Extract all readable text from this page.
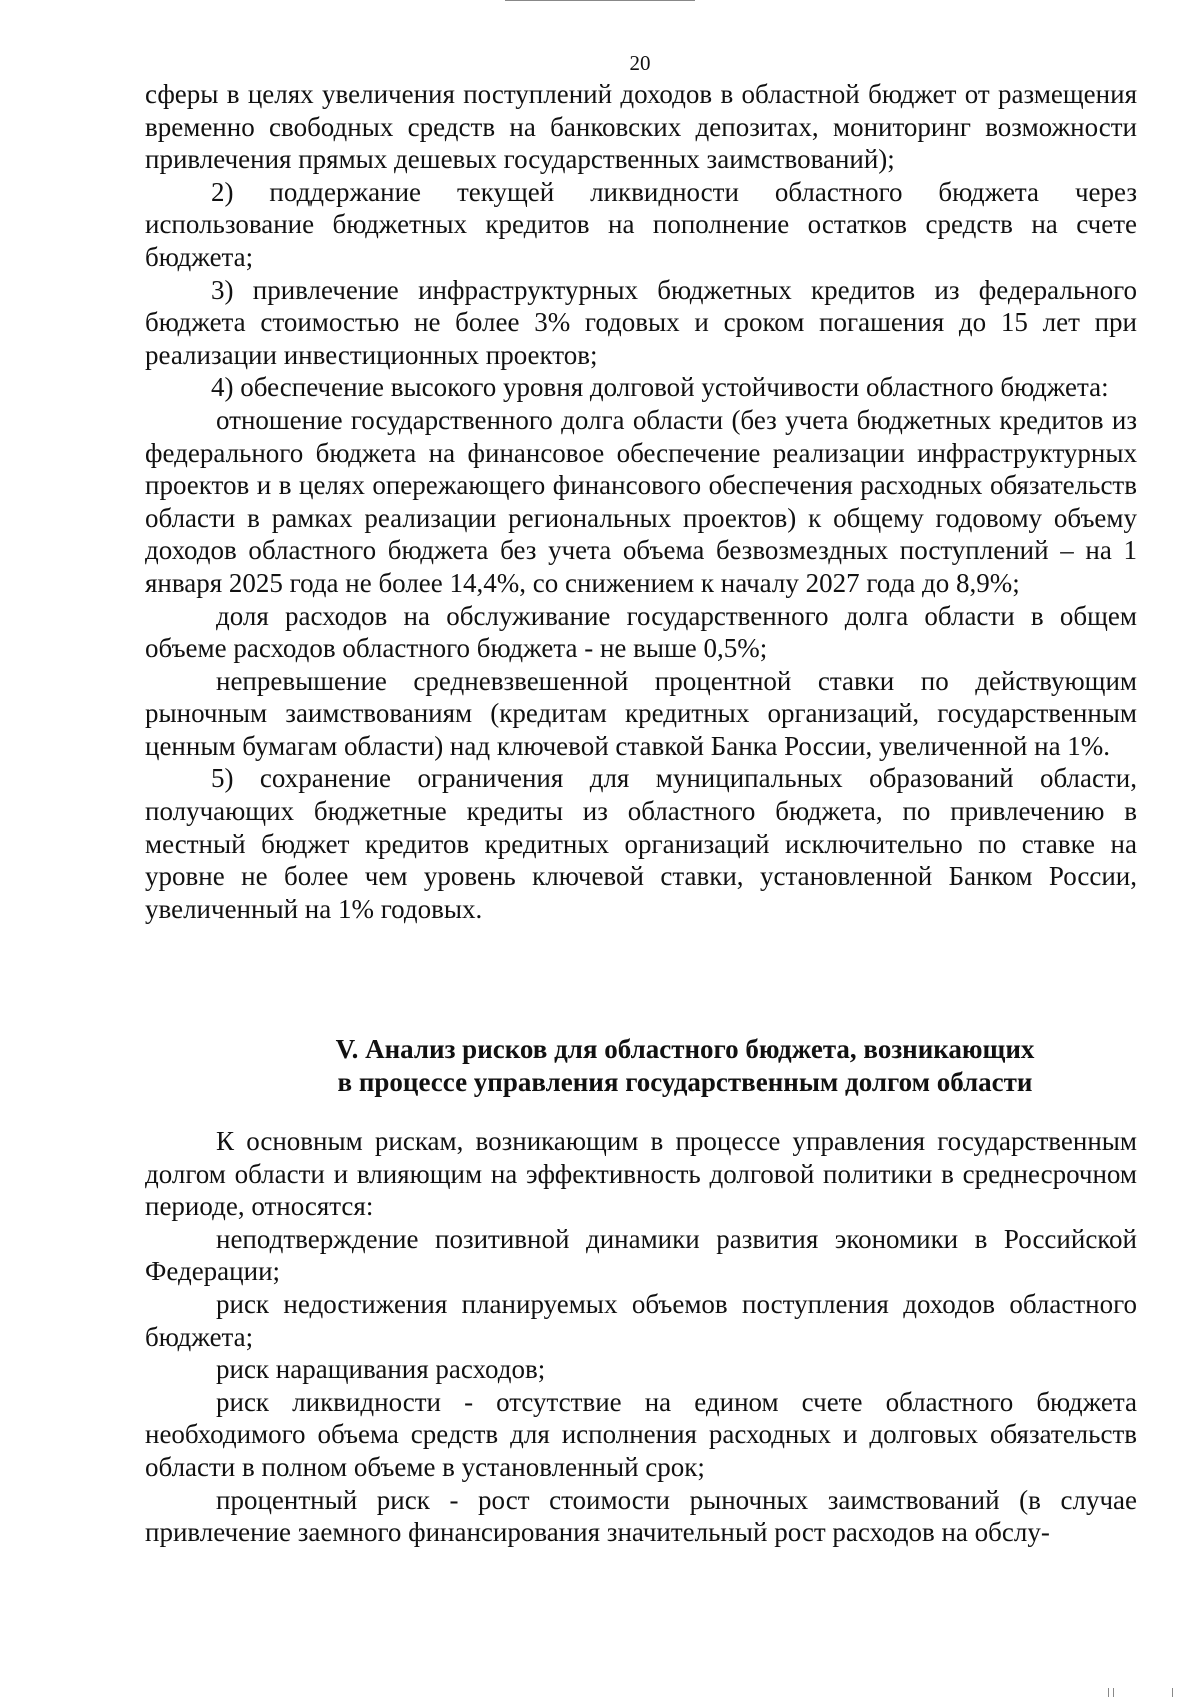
20

сферы в целях увеличения поступлений доходов в областной бюджет от размещения временно свободных средств на банковских депозитах, мониторинг возможности привлечения прямых дешевых государственных заимствований);

2) поддержание текущей ликвидности областного бюджета через использование бюджетных кредитов на пополнение остатков средств на счете бюджета;

3) привлечение инфраструктурных бюджетных кредитов из федерального бюджета стоимостью не более 3% годовых и сроком погашения до 15 лет при реализации инвестиционных проектов;

4) обеспечение высокого уровня долговой устойчивости областного бюджета:

отношение государственного долга области (без учета бюджетных кредитов из федерального бюджета на финансовое обеспечение реализации инфраструктурных проектов и в целях опережающего финансового обеспечения расходных обязательств области в рамках реализации региональных проектов) к общему годовому объему доходов областного бюджета без учета объема безвозмездных поступлений – на 1 января 2025 года не более 14,4%, со снижением к началу 2027 года до 8,9%;

доля расходов на обслуживание государственного долга области в общем объеме расходов областного бюджета - не выше 0,5%;

непревышение средневзвешенной процентной ставки по действующим рыночным заимствованиям (кредитам кредитных организаций, государственным ценным бумагам области) над ключевой ставкой Банка России, увеличенной на 1%.

5) сохранение ограничения для муниципальных образований области, получающих бюджетные кредиты из областного бюджета, по привлечению в местный бюджет кредитов кредитных организаций исключительно по ставке на уровне не более чем уровень ключевой ставки, установленной Банком России, увеличенный на 1% годовых.

V. Анализ рисков для областного бюджета, возникающих
в процессе управления государственным долгом области

К основным рискам, возникающим в процессе управления государственным долгом области и влияющим на эффективность долговой политики в среднесрочном периоде, относятся:

неподтверждение позитивной динамики развития экономики в Российской Федерации;

риск недостижения планируемых объемов поступления доходов областного бюджета;

риск наращивания расходов;

риск ликвидности - отсутствие на едином счете областного бюджета необходимого объема средств для исполнения расходных и долговых обязательств области в полном объеме в установленный срок;

процентный риск - рост стоимости рыночных заимствований (в случае привлечение заемного финансирования значительный рост расходов на обслу-
